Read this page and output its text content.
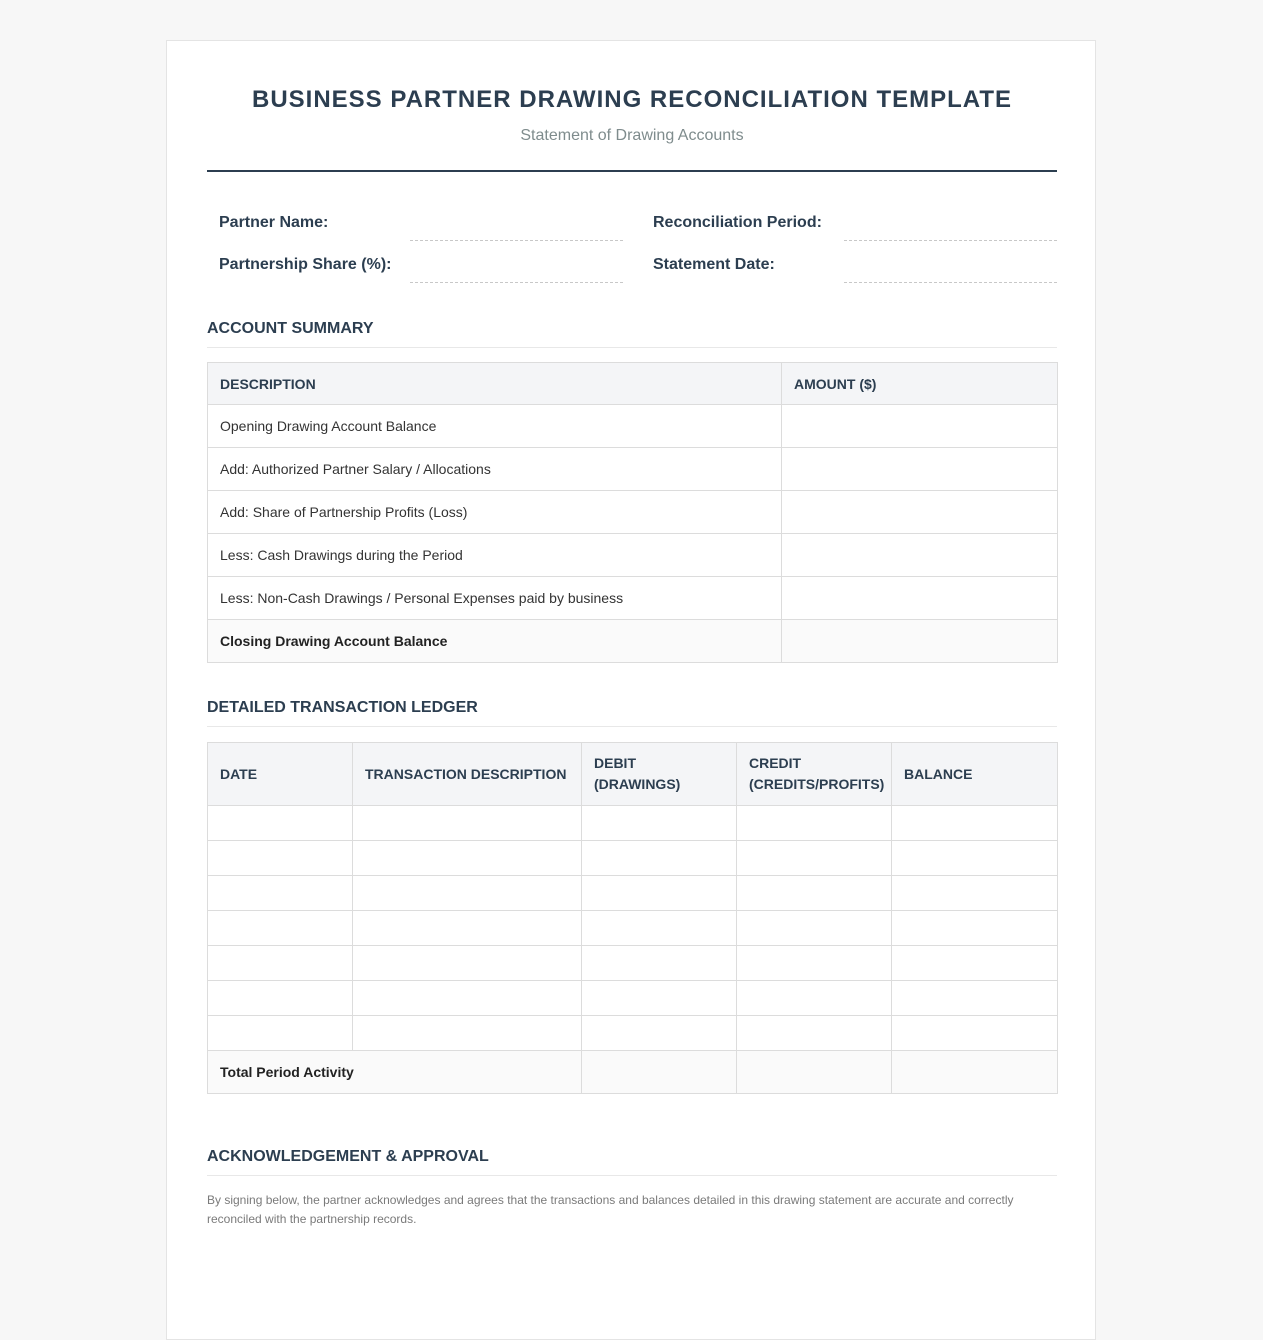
BUSINESS PARTNER DRAWING RECONCILIATION TEMPLATE
Statement of Drawing Accounts
Partner Name:	Reconciliation Period:
Partnership Share (%):	Statement Date:
ACCOUNT SUMMARY
DESCRIPTION	AMOUNT ($)
Opening Drawing Account Balance	
Add: Authorized Partner Salary / Allocations	
Add: Share of Partnership Profits (Loss)	
Less: Cash Drawings during the Period	
Less: Non-Cash Drawings / Personal Expenses paid by business	
Closing Drawing Account Balance	
DETAILED TRANSACTION LEDGER
DATE	TRANSACTION DESCRIPTION	DEBIT (DRAWINGS)	CREDIT (CREDITS/PROFITS)	BALANCE

Total Period Activity				
ACKNOWLEDGEMENT & APPROVAL
By signing below, the partner acknowledges and agrees that the transactions and balances detailed in this drawing statement are accurate and correctly reconciled with the partnership records.
